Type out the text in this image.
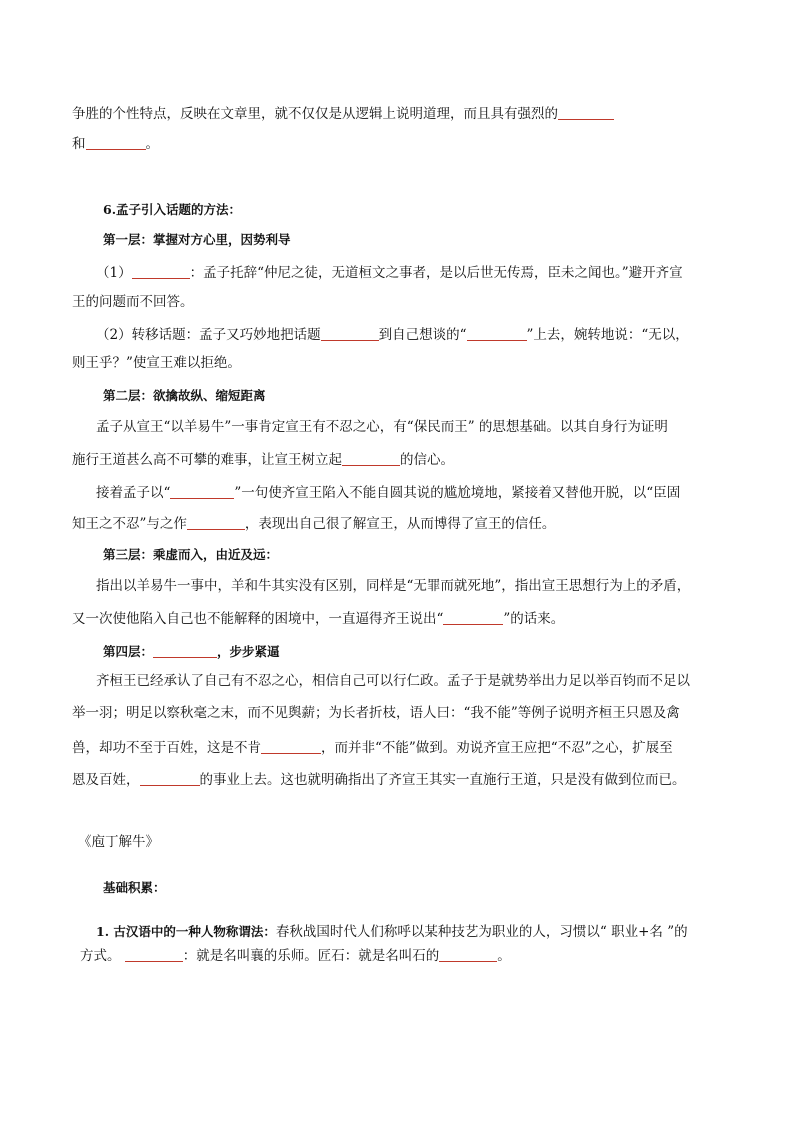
争胜的个性特点，反映在文章里，就不仅仅是从逻辑上说明道理，而且具有强烈的
和	。
6.孟子引入话题的方法：
第一层：掌握对方心里，因势利导
（1）	：孟子托辞“仲尼之徒，无道桓文之事者，是以后世无传焉，臣未之闻也。”避开齐宣
王的问题而不回答。
（2）转移话题：孟子又巧妙地把话题	到自己想谈的“	”上去，婉转地说：“无以，
则王乎？”使宣王难以拒绝。
第二层：欲擒故纵、缩短距离
孟子从宣王“以羊易牛”一事肯定宣王有不忍之心，有“保民而王” 的思想基础。以其自身行为证明
施行王道甚么高不可攀的难事，让宣王树立起	的信心。
接着孟子以“	”一句使齐宣王陷入不能自圆其说的尴尬境地，紧接着又替他开脱，以“臣固
知王之不忍”与之作	，表现出自己很了解宣王，从而博得了宣王的信任。
第三层：乘虚而入，由近及远：
指出以羊易牛一事中，羊和牛其实没有区别，同样是“无罪而就死地”，指出宣王思想行为上的矛盾，
又一次使他陷入自己也不能解释的困境中，一直逼得齐王说出“	”的话来。
第四层：	，步步紧逼
齐桓王已经承认了自己有不忍之心，相信自己可以行仁政。孟子于是就势举出力足以举百钧而不足以
举一羽；明足以察秋毫之末，而不见舆薪；为长者折枝，语人曰：“我不能”等例子说明齐桓王只恩及禽
兽，却功不至于百姓，这是不肯	，而并非“不能”做到。劝说齐宣王应把“不忍”之心，扩展至
恩及百姓，	的事业上去。这也就明确指出了齐宣王其实一直施行王道，只是没有做到位而已。
《庖丁解牛》
基础积累：
1. 古汉语中的一种人物称谓法：春秋战国时代人们称呼以某种技艺为职业的人，习惯以“ 职业+名 ”的
方式。	：就是名叫襄的乐师。匠石：就是名叫石的	。
